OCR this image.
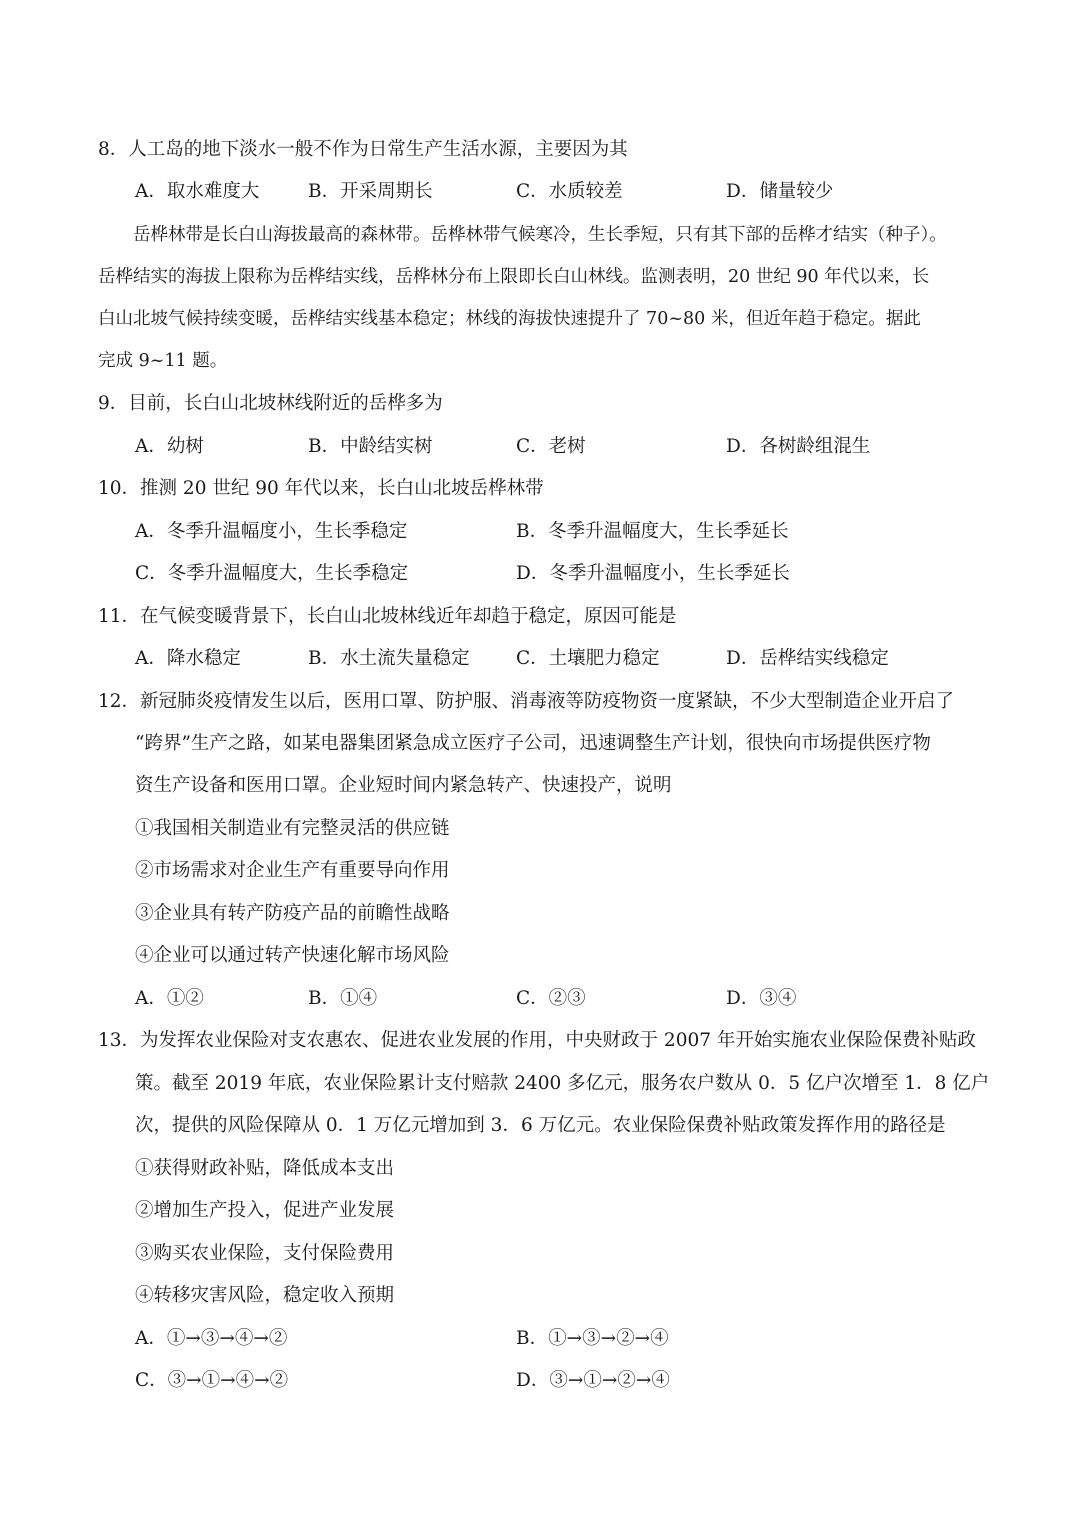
8．人工岛的地下淡水一般不作为日常生产生活水源，主要因为其
A．取水难度大	B．开采周期长	C．水质较差	D．储量较少
岳桦林带是长白山海拔最高的森林带。岳桦林带气候寒冷，生长季短，只有其下部的岳桦才结实（种子）。
岳桦结实的海拔上限称为岳桦结实线，岳桦林分布上限即长白山林线。监测表明，20 世纪 90 年代以来，长
白山北坡气候持续变暖，岳桦结实线基本稳定；林线的海拔快速提升了 70~80 米，但近年趋于稳定。据此
完成 9~11 题。
9．目前，长白山北坡林线附近的岳桦多为
A．幼树	B．中龄结实树	C．老树	D．各树龄组混生
10．推测 20 世纪 90 年代以来，长白山北坡岳桦林带
A．冬季升温幅度小，生长季稳定	B．冬季升温幅度大，生长季延长
C．冬季升温幅度大，生长季稳定	D．冬季升温幅度小，生长季延长
11．在气候变暖背景下，长白山北坡林线近年却趋于稳定，原因可能是
A．降水稳定	B．水土流失量稳定	C．土壤肥力稳定	D．岳桦结实线稳定
12．新冠肺炎疫情发生以后，医用口罩、防护服、消毒液等防疫物资一度紧缺，不少大型制造企业开启了
“跨界”生产之路，如某电器集团紧急成立医疗子公司，迅速调整生产计划，很快向市场提供医疗物
资生产设备和医用口罩。企业短时间内紧急转产、快速投产，说明
①我国相关制造业有完整灵活的供应链
②市场需求对企业生产有重要导向作用
③企业具有转产防疫产品的前瞻性战略
④企业可以通过转产快速化解市场风险
A．①②	B．①④	C．②③	D．③④
13．为发挥农业保险对支农惠农、促进农业发展的作用，中央财政于 2007 年开始实施农业保险保费补贴政
策。截至 2019 年底，农业保险累计支付赔款 2400 多亿元，服务农户数从 0．5 亿户次增至 1．8 亿户
次，提供的风险保障从 0．1 万亿元增加到 3．6 万亿元。农业保险保费补贴政策发挥作用的路径是
①获得财政补贴，降低成本支出
②增加生产投入，促进产业发展
③购买农业保险，支付保险费用
④转移灾害风险，稳定收入预期
A．①→③→④→②	B．①→③→②→④
C．③→①→④→②	D．③→①→②→④
